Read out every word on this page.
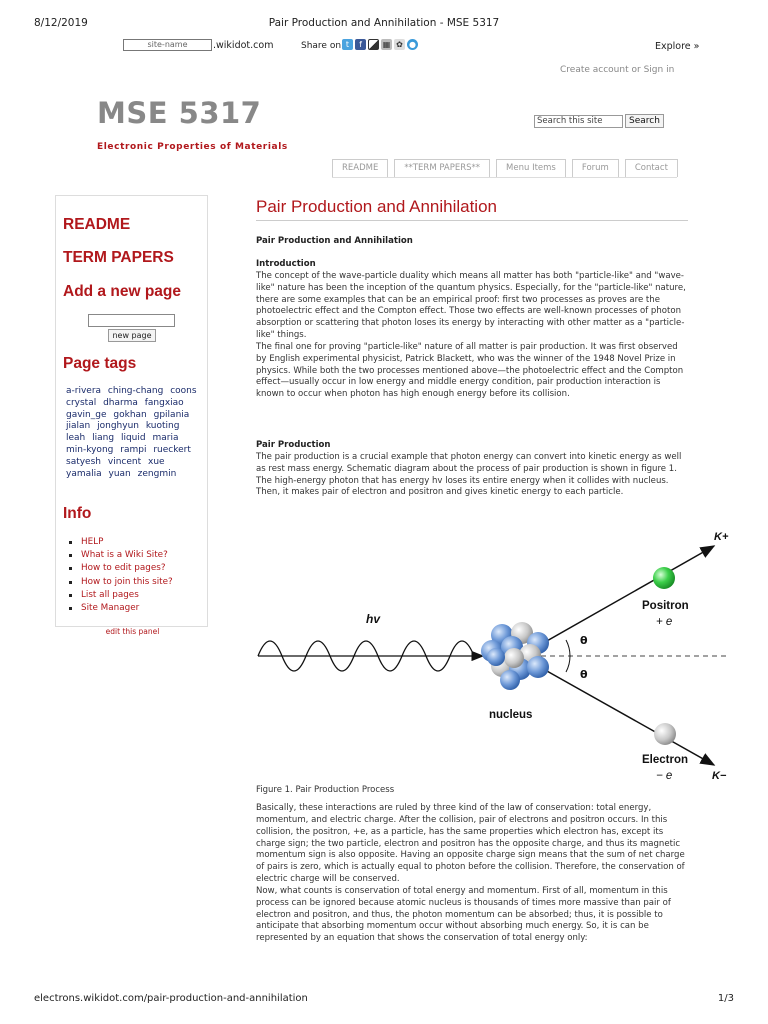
8/12/2019	Pair Production and Annihilation - MSE 5317
site-name	.wikidot.com	Share on t	f	▦ ✿ ●	Explore »
Create account or Sign in
MSE 5317
Electronic Properties of Materials
Search this site	Search
README	**TERM PAPERS**	Menu Items	Forum	Contact
README
TERM PAPERS
Add a new page
new page
Page tags
a-rivera ching-chang coons crystal dharma fangxiao gavin_ge gokhan gpilania jialan jonghyun kuoting leah liang liquid maria min-kyong rampi rueckert satyesh vincent xue yamalia yuan zengmin
Info
HELP
What is a Wiki Site?
How to edit pages?
How to join this site?
List all pages
Site Manager
edit this panel
Pair Production and Annihilation
Pair Production and Annihilation
Introduction

The concept of the wave-particle duality which means all matter has both "particle-like" and "wave-like" nature has been the inception of the quantum physics. Especially, for the "particle-like" nature, there are some examples that can be an empirical proof: first two processes as proves are the photoelectric effect and the Compton effect. Those two effects are well-known processes of photon absorption or scattering that photon loses its energy by interacting with other matter as a "particle-like" things.

The final one for proving "particle-like" nature of all matter is pair production. It was first observed by English experimental physicist, Patrick Blackett, who was the winner of the 1948 Novel Prize in physics. While both the two processes mentioned above—the photoelectric effect and the Compton effect—usually occur in low energy and middle energy condition, pair production interaction is known to occur when photon has high enough energy before its collision.

Pair Production

The pair production is a crucial example that photon energy can convert into kinetic energy as well as rest mass energy. Schematic diagram about the process of pair production is shown in figure 1. The high-energy photon that has energy hv loses its entire energy when it collides with nucleus. Then, it makes pair of electron and positron and gives kinetic energy to each particle.

Basically, these interactions are ruled by three kind of the law of conservation: total energy, momentum, and electric charge. After the collision, pair of electrons and positron occurs. In this collision, the positron, +e, as a particle, has the same properties which electron has, except its charge sign; the two particle, electron and positron has the opposite charge, and thus its magnetic momentum sign is also opposite. Having an opposite charge sign means that the sum of net charge of pairs is zero, which is actually equal to photon before the collision. Therefore, the conservation of electric charge will be conserved.

Now, what counts is conservation of total energy and momentum. First of all, momentum in this process can be ignored because atomic nucleus is thousands of times more massive than pair of electron and positron, and thus, the photon momentum can be absorbed; thus, it is possible to anticipate that absorbing momentum occur without absorbing much energy. So, it is can be represented by an equation that shows the conservation of total energy only:

hv
K+
Positron
+ e
θ
θ
nucleus
Electron
− e	K−
Figure 1. Pair Production Process
electrons.wikidot.com/pair-production-and-annihilation	1/3
